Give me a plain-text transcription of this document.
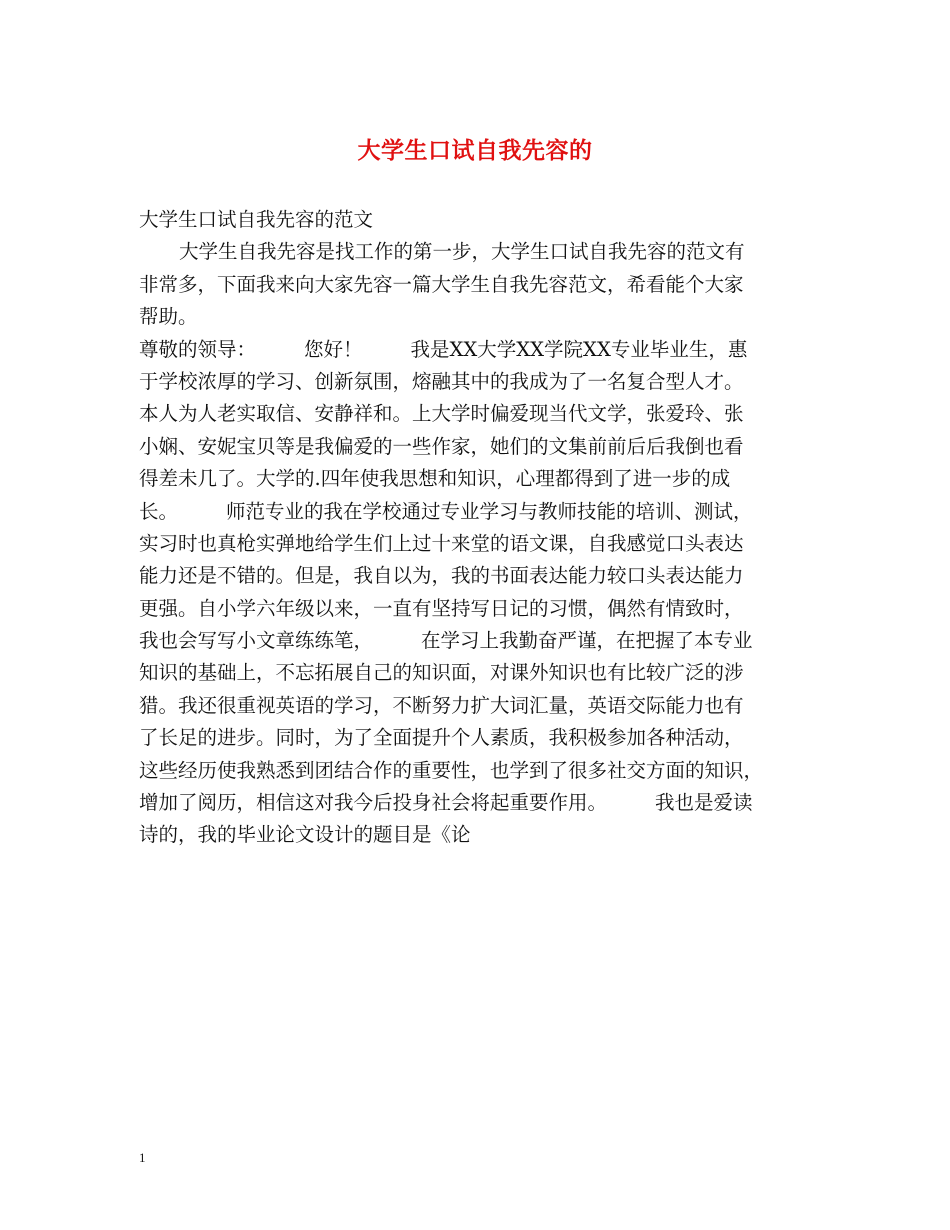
大学生口试自我先容的
大学生口试自我先容的范文
大学生自我先容是找工作的第一步，大学生口试自我先容的范文有
非常多，下面我来向大家先容一篇大学生自我先容范文，希看能个大家
帮助。
尊敬的领导： 您好！ 我是XX大学XX学院XX专业毕业生，惠
于学校浓厚的学习、创新氛围，熔融其中的我成为了一名复合型人才。
本人为人老实取信、安静祥和。上大学时偏爱现当代文学，张爱玲、张
小娴、安妮宝贝等是我偏爱的一些作家，她们的文集前前后后我倒也看
得差未几了。大学的.四年使我思想和知识，心理都得到了进一步的成
长。 师范专业的我在学校通过专业学习与教师技能的培训、测试，
实习时也真枪实弹地给学生们上过十来堂的语文课，自我感觉口头表达
能力还是不错的。但是，我自以为，我的书面表达能力较口头表达能力
更强。自小学六年级以来，一直有坚持写日记的习惯，偶然有情致时，
我也会写写小文章练练笔， 在学习上我勤奋严谨，在把握了本专业
知识的基础上，不忘拓展自己的知识面，对课外知识也有比较广泛的涉
猎。我还很重视英语的学习，不断努力扩大词汇量，英语交际能力也有
了长足的进步。同时，为了全面提升个人素质，我积极参加各种活动，
这些经历使我熟悉到团结合作的重要性，也学到了很多社交方面的知识，
增加了阅历，相信这对我今后投身社会将起重要作用。 我也是爱读
诗的，我的毕业论文设计的题目是《论
1
